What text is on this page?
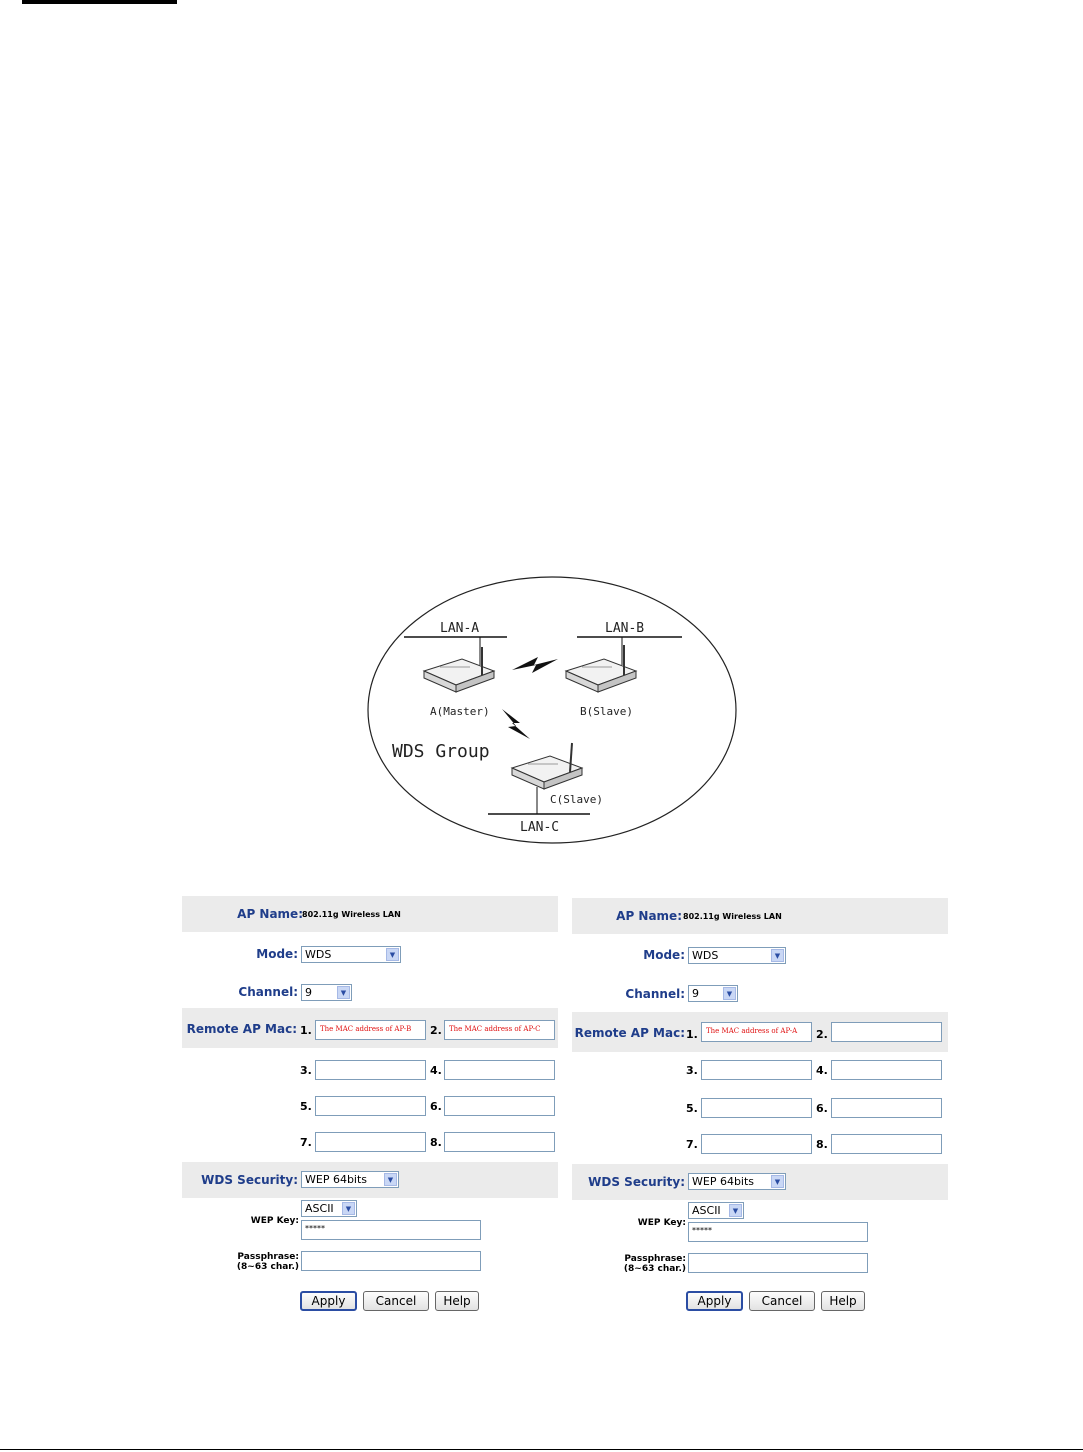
LAN-A	LAN-B
LAN-C
A(Master)	B(Slave)
C(Slave)
WDS Group
AP Name: 802.11g Wireless LAN
Mode: WDS	▼
Channel: 9	▼
Remote AP Mac: 1. The MAC address of AP-B 2. The MAC address of AP-C
3.	4.
5.	6.
7.	8.
WDS Security: WEP 64bits	▼
ASCII	▼
WEP Key:
*****
Passphrase:
(8~63 char.)
Apply	Cancel	Help
AP Name: 802.11g Wireless LAN
Mode: WDS	▼
Channel: 9	▼
Remote AP Mac: 1. The MAC address of AP-A 2.
3.	4.
5.	6.
7.	8.
WDS Security: WEP 64bits	▼
ASCII	▼
WEP Key:
*****
Passphrase:
(8~63 char.)
Apply	Cancel	Help
